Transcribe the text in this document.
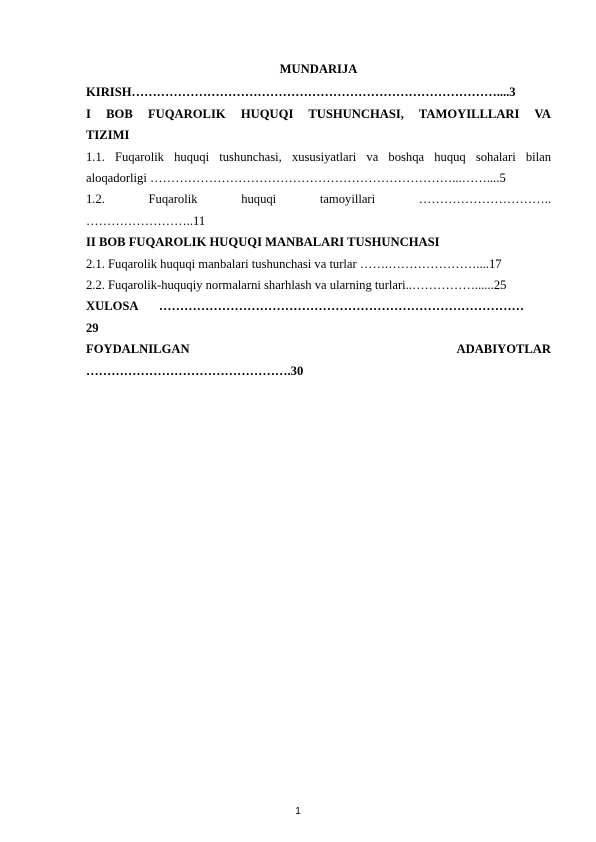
MUNDARIJA
KIRISH……………………………………………………………………………....3
I BOB FUQAROLIK HUQUQI TUSHUNCHASI, TAMOYILLLARI VA
TIZIMI
1.1. Fuqarolik huquqi tushunchasi, xususiyatlari va boshqa huquq sohalari bilan
aloqadorligi ………………………………………………………………...……....5
1.2. Fuqarolik huquqi tamoyillari …………………………..
……………………..11
II BOB FUQAROLIK HUQUQI MANBALARI TUSHUNCHASI
2.1. Fuqarolik huquqi manbalari tushunchasi va turlar …….…………………....17
2.2. Fuqarolik-huquqiy normalarni sharhlash va ularning turlari..……………......25
XULOSA ……………………………………………………………………………
29
FOYDALNILGAN ADABIYOTLAR
………………………………………….30
1
